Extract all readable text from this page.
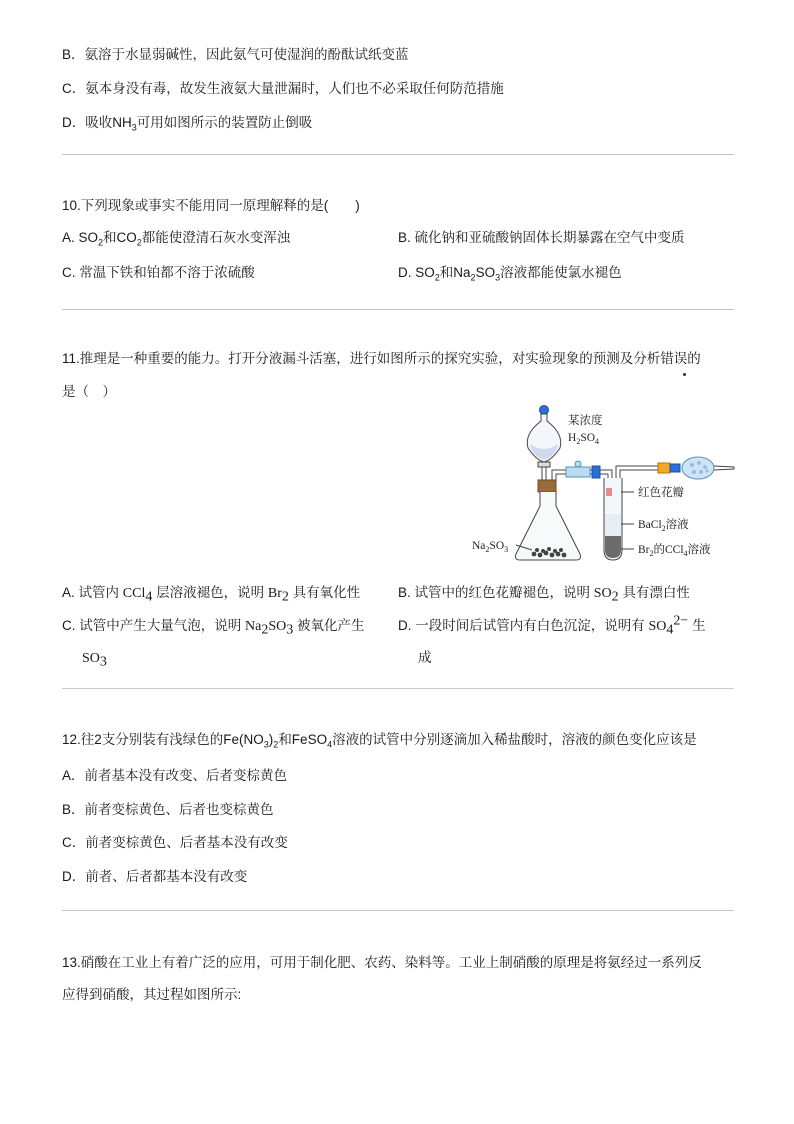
B．氨溶于水显弱碱性，因此氨气可使湿润的酚酞试纸变蓝
C．氨本身没有毒，故发生液氨大量泄漏时，人们也不必采取任何防范措施
D．吸收$NH_3$可用如图所示的装置防止倒吸
10.下列现象或事实不能用同一原理解释的是(　　)
A. $SO_2$和$CO_2$都能使澄清石灰水变浑浊	B. 硫化钠和亚硫酸钠固体长期暴露在空气中变质
C. 常温下铁和铂都不溶于浓硫酸	D. $SO_2$和$Na_2SO_3$溶液都能使氯水褪色
11.推理是一种重要的能力。打开分液漏斗活塞，进行如图所示的探究实验，对实验现象的预测及分析错误的
是（　）
某浓度
$H_2SO_4$
$Na_2SO_3$
红色花瓣
BaCl$_2$溶液
$Br_2$的CCl$_4$溶液
A. 试管内 CCl$_4$ 层溶液褪色，说明 $Br_2$ 具有氧化性	B. 试管中的红色花瓣褪色，说明 $SO_2$ 具有漂白性
C. 试管中产生大量气泡，说明 $Na_2SO_3$ 被氧化产生
$SO_3$
D. 一段时间后试管内有白色沉淀，说明有 $SO_4^{2-}$ 生
成
12.往2支分别装有浅绿色的$Fe(NO_3)_2$和FeSO$_4$溶液的试管中分别逐滴加入稀盐酸时，溶液的颜色变化应该是
A．前者基本没有改变、后者变棕黄色
B．前者变棕黄色、后者也变棕黄色
C．前者变棕黄色、后者基本没有改变
D．前者、后者都基本没有改变
13.硝酸在工业上有着广泛的应用，可用于制化肥、农药、染料等。工业上制硝酸的原理是将氨经过一系列反
应得到硝酸，其过程如图所示:
